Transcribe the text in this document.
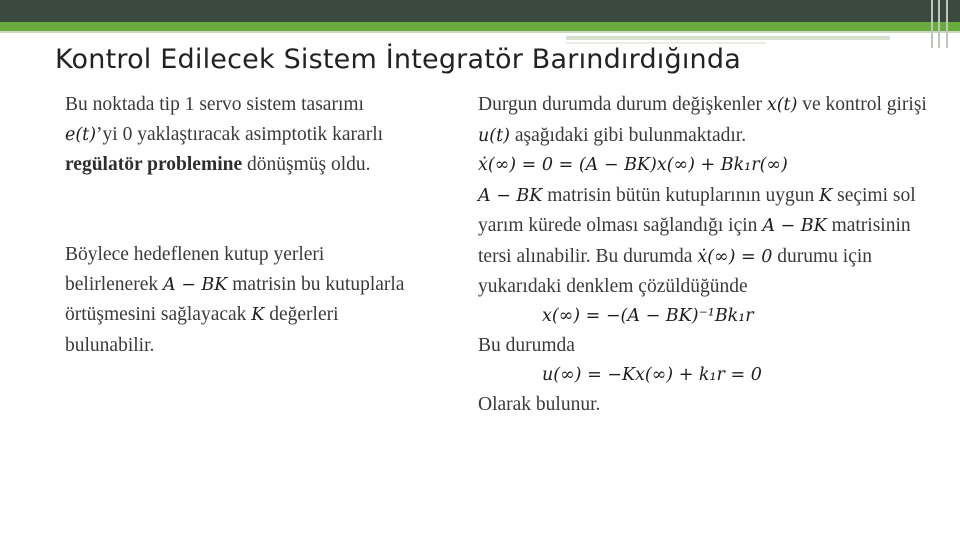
Kontrol Edilecek Sistem İntegratör Barındırdığında

Bu noktada tip 1 servo sistem tasarımı e(t)’yi 0 yaklaştıracak asimptotik kararlı regülatör problemine dönüşmüş oldu.

Böylece hedeflenen kutup yerleri belirlenerek A − BK matrisin bu kutuplarla örtüşmesini sağlayacak K değerleri bulunabilir.

Durgun durumda durum değişkenler x(t) ve kontrol girişi u(t) aşağıdaki gibi bulunmaktadır.
ẋ(∞) = 0 = (A − BK)x(∞) + Bk₁r(∞)
A − BK matrisin bütün kutuplarının uygun K seçimi sol yarım kürede olması sağlandığı için A − BK matrisinin tersi alınabilir. Bu durumda ẋ(∞) = 0 durumu için yukarıdaki denklem çözüldüğünde
x(∞) = −(A − BK)⁻¹Bk₁r
Bu durumda
u(∞) = −Kx(∞) + k₁r = 0
Olarak bulunur.
